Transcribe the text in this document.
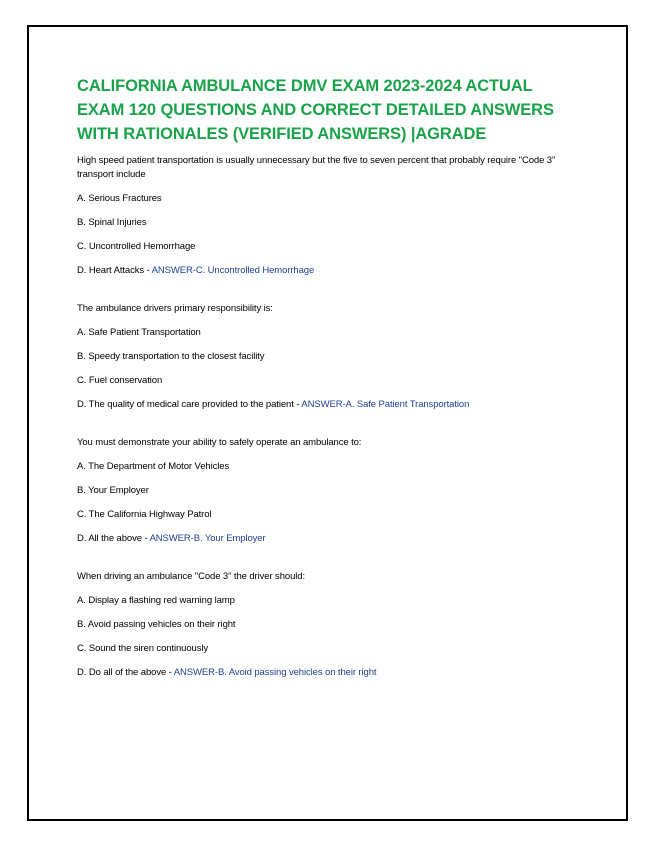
CALIFORNIA AMBULANCE DMV EXAM 2023-2024 ACTUAL EXAM 120 QUESTIONS AND CORRECT DETAILED ANSWERS WITH RATIONALES (VERIFIED ANSWERS) |AGRADE

High speed patient transportation is usually unnecessary but the five to seven percent that probably require "Code 3" transport include

A. Serious Fractures

B. Spinal Injuries

C. Uncontrolled Hemorrhage

D. Heart Attacks - ANSWER-C. Uncontrolled Hemorrhage

The ambulance drivers primary responsibility is:

A. Safe Patient Transportation

B. Speedy transportation to the closest facility

C. Fuel conservation

D. The quality of medical care provided to the patient - ANSWER-A. Safe Patient Transportation

You must demonstrate your ability to safely operate an ambulance to:

A. The Department of Motor Vehicles

B. Your Employer

C. The California Highway Patrol

D. All the above - ANSWER-B. Your Employer

When driving an ambulance "Code 3" the driver should:

A. Display a flashing red warning lamp

B. Avoid passing vehicles on their right

C. Sound the siren continuously

D. Do all of the above - ANSWER-B. Avoid passing vehicles on their right
